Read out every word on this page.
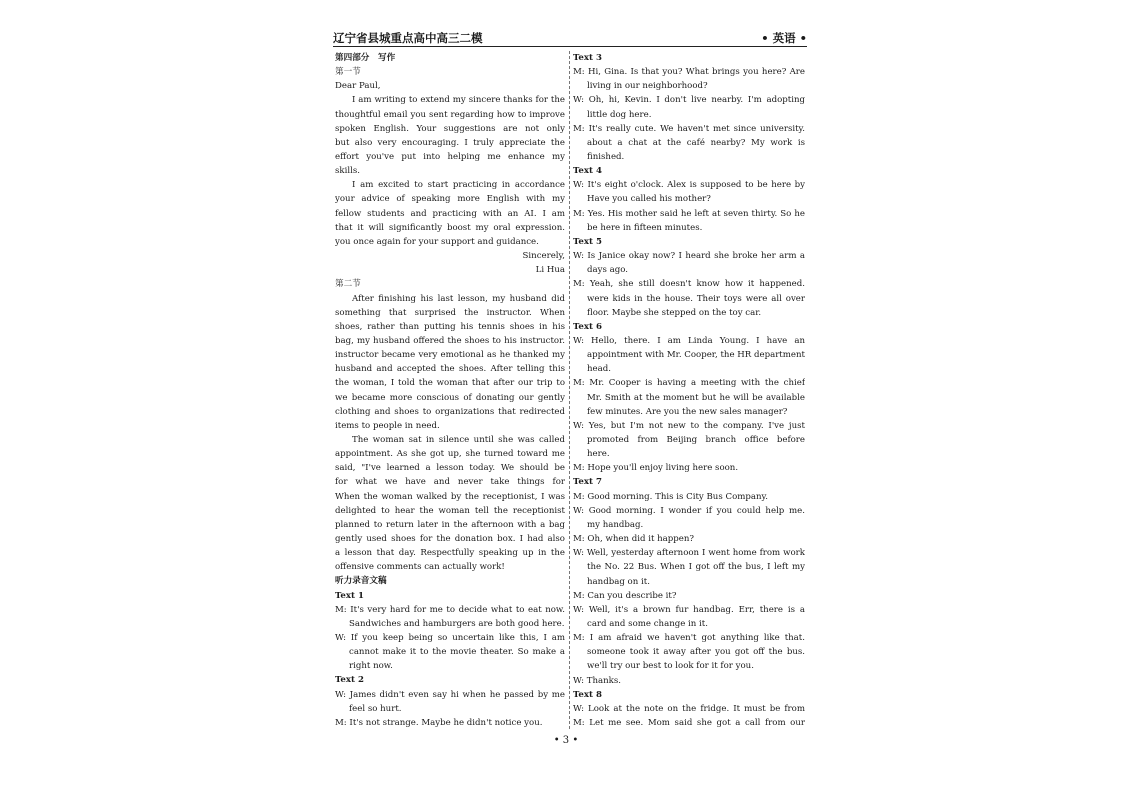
辽宁省县城重点高中高三二模	• 英语 •
第四部分　写作
第一节
Dear Paul,
I am writing to extend my sincere thanks for the
thoughtful email you sent regarding how to improve
spoken English. Your suggestions are not only
but also very encouraging. I truly appreciate the
effort you've put into helping me enhance my
skills.
I am excited to start practicing in accordance
your advice of speaking more English with my
fellow students and practicing with an AI. I am
that it will significantly boost my oral expression.
you once again for your support and guidance.
Sincerely,
Li Hua
第二节
After finishing his last lesson, my husband did
something that surprised the instructor. When
shoes, rather than putting his tennis shoes in his
bag, my husband offered the shoes to his instructor.
instructor became very emotional as he thanked my
husband and accepted the shoes. After telling this
the woman, I told the woman that after our trip to
we became more conscious of donating our gently
clothing and shoes to organizations that redirected
items to people in need.
The woman sat in silence until she was called
appointment. As she got up, she turned toward me
said, "I've learned a lesson today. We should be
for what we have and never take things for
When the woman walked by the receptionist, I was
delighted to hear the woman tell the receptionist
planned to return later in the afternoon with a bag
gently used shoes for the donation box. I had also
a lesson that day. Respectfully speaking up in the
offensive comments can actually work!
听力录音文稿
Text 1
M: It's very hard for me to decide what to eat now.
Sandwiches and hamburgers are both good here.
W: If you keep being so uncertain like this, I am
cannot make it to the movie theater. So make a
right now.
Text 2
W: James didn't even say hi when he passed by me
feel so hurt.
M: It's not strange. Maybe he didn't notice you.
Text 3
M: Hi, Gina. Is that you? What brings you here? Are
living in our neighborhood?
W: Oh, hi, Kevin. I don't live nearby. I'm adopting
little dog here.
M: It's really cute. We haven't met since university.
about a chat at the café nearby? My work is
finished.
Text 4
W: It's eight o'clock. Alex is supposed to be here by
Have you called his mother?
M: Yes. His mother said he left at seven thirty. So he
be here in fifteen minutes.
Text 5
W: Is Janice okay now? I heard she broke her arm a
days ago.
M: Yeah, she still doesn't know how it happened.
were kids in the house. Their toys were all over
floor. Maybe she stepped on the toy car.
Text 6
W: Hello, there. I am Linda Young. I have an
appointment with Mr. Cooper, the HR department
head.
M: Mr. Cooper is having a meeting with the chief
Mr. Smith at the moment but he will be available
few minutes. Are you the new sales manager?
W: Yes, but I'm not new to the company. I've just
promoted from Beijing branch office before
here.
M: Hope you'll enjoy living here soon.
Text 7
M: Good morning. This is City Bus Company.
W: Good morning. I wonder if you could help me.
my handbag.
M: Oh, when did it happen?
W: Well, yesterday afternoon I went home from work
the No. 22 Bus. When I got off the bus, I left my
handbag on it.
M: Can you describe it?
W: Well, it's a brown fur handbag. Err, there is a
card and some change in it.
M: I am afraid we haven't got anything like that.
someone took it away after you got off the bus.
we'll try our best to look for it for you.
W: Thanks.
Text 8
W: Look at the note on the fridge. It must be from
M: Let me see. Mom said she got a call from our
• 3 •
